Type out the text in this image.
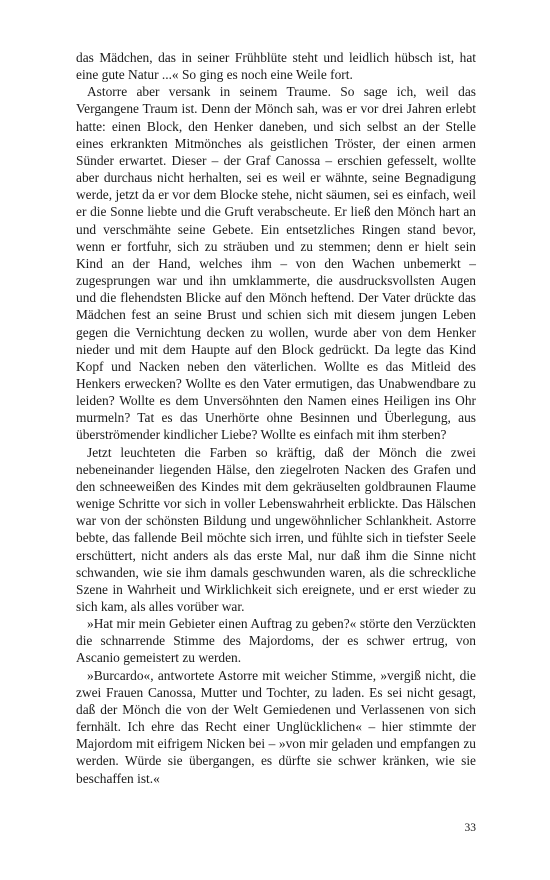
das Mädchen, das in seiner Frühblüte steht und leidlich hübsch ist, hat eine gute Natur ...« So ging es noch eine Weile fort.

Astorre aber versank in seinem Traume. So sage ich, weil das Vergangene Traum ist. Denn der Mönch sah, was er vor drei Jahren erlebt hatte: einen Block, den Henker daneben, und sich selbst an der Stelle eines erkrankten Mitmönches als geistlichen Tröster, der einen armen Sünder erwartet. Dieser – der Graf Canossa – erschien gefesselt, wollte aber durchaus nicht herhalten, sei es weil er wähnte, seine Begnadigung werde, jetzt da er vor dem Blocke stehe, nicht säumen, sei es einfach, weil er die Sonne liebte und die Gruft verabscheute. Er ließ den Mönch hart an und verschmähte seine Gebete. Ein entsetzliches Ringen stand bevor, wenn er fortfuhr, sich zu sträuben und zu stemmen; denn er hielt sein Kind an der Hand, welches ihm – von den Wachen unbemerkt – zugesprungen war und ihn umklammerte, die ausdrucksvollsten Augen und die flehendsten Blicke auf den Mönch heftend. Der Vater drückte das Mädchen fest an seine Brust und schien sich mit diesem jungen Leben gegen die Vernichtung decken zu wollen, wurde aber von dem Henker nieder und mit dem Haupte auf den Block gedrückt. Da legte das Kind Kopf und Nacken neben den väterlichen. Wollte es das Mitleid des Henkers erwecken? Wollte es den Vater ermutigen, das Unabwendbare zu leiden? Wollte es dem Unversöhnten den Namen eines Heiligen ins Ohr murmeln? Tat es das Unerhörte ohne Besinnen und Überlegung, aus überströmender kindlicher Liebe? Wollte es einfach mit ihm sterben?

Jetzt leuchteten die Farben so kräftig, daß der Mönch die zwei nebeneinander liegenden Hälse, den ziegelroten Nacken des Grafen und den schneeweißen des Kindes mit dem gekräuselten goldbraunen Flaume wenige Schritte vor sich in voller Lebenswahrheit erblickte. Das Hälschen war von der schönsten Bildung und ungewöhnlicher Schlankheit. Astorre bebte, das fallende Beil möchte sich irren, und fühlte sich in tiefster Seele erschüttert, nicht anders als das erste Mal, nur daß ihm die Sinne nicht schwanden, wie sie ihm damals geschwunden waren, als die schreckliche Szene in Wahrheit und Wirklichkeit sich ereignete, und er erst wieder zu sich kam, als alles vorüber war.

»Hat mir mein Gebieter einen Auftrag zu geben?« störte den Verzückten die schnarrende Stimme des Majordoms, der es schwer ertrug, von Ascanio gemeistert zu werden.

»Burcardo«, antwortete Astorre mit weicher Stimme, »vergiß nicht, die zwei Frauen Canossa, Mutter und Tochter, zu laden. Es sei nicht gesagt, daß der Mönch die von der Welt Gemiedenen und Verlassenen von sich fernhält. Ich ehre das Recht einer Unglücklichen« – hier stimmte der Majordom mit eifrigem Nicken bei – »von mir geladen und empfangen zu werden. Würde sie übergangen, es dürfte sie schwer kränken, wie sie beschaffen ist.«

33
